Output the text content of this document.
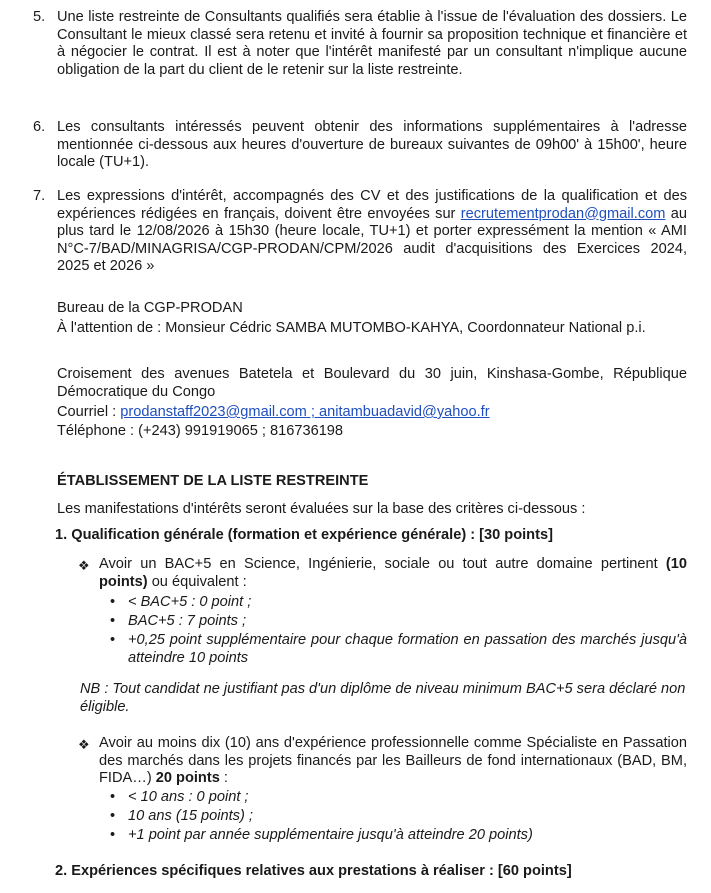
5. Une liste restreinte de Consultants qualifiés sera établie à l'issue de l'évaluation des dossiers. Le Consultant le mieux classé sera retenu et invité à fournir sa proposition technique et financière et à négocier le contrat. Il est à noter que l'intérêt manifesté par un consultant n'implique aucune obligation de la part du client de le retenir sur la liste restreinte.
6. Les consultants intéressés peuvent obtenir des informations supplémentaires à l'adresse mentionnée ci-dessous aux heures d'ouverture de bureaux suivantes de 09h00' à 15h00', heure locale (TU+1).
7. Les expressions d'intérêt, accompagnés des CV et des justifications de la qualification et des expériences rédigées en français, doivent être envoyées sur recrutementprodan@gmail.com au plus tard le 12/08/2026 à 15h30 (heure locale, TU+1) et porter expressément la mention « AMI N°C-7/BAD/MINAGRISA/CGP-PRODAN/CPM/2026 audit d'acquisitions des Exercices 2024, 2025 et 2026 »
Bureau de la CGP-PRODAN
À l'attention de : Monsieur Cédric SAMBA MUTOMBO-KAHYA, Coordonnateur National p.i.
Croisement des avenues Batetela et Boulevard du 30 juin, Kinshasa-Gombe, République Démocratique du Congo
Courriel : prodanstaff2023@gmail.com ; anitambuadavid@yahoo.fr
Téléphone : (+243) 991919065 ; 816736198
ÉTABLISSEMENT DE LA LISTE RESTREINTE
Les manifestations d'intérêts seront évaluées sur la base des critères ci-dessous :
1. Qualification générale (formation et expérience générale) : [30 points]
❖ Avoir un BAC+5 en Science, Ingénierie, sociale ou tout autre domaine pertinent (10 points) ou équivalent :
• < BAC+5 : 0 point ;
• BAC+5 : 7 points ;
• +0,25 point supplémentaire pour chaque formation en passation des marchés jusqu'à atteindre 10 points
NB : Tout candidat ne justifiant pas d'un diplôme de niveau minimum BAC+5 sera déclaré non éligible.
❖ Avoir au moins dix (10) ans d'expérience professionnelle comme Spécialiste en Passation des marchés dans les projets financés par les Bailleurs de fond internationaux (BAD, BM, FIDA…) 20 points :
• < 10 ans : 0 point ;
• 10 ans (15 points) ;
• +1 point par année supplémentaire jusqu'à atteindre 20 points)
2. Expériences spécifiques relatives aux prestations à réaliser : [60 points]
